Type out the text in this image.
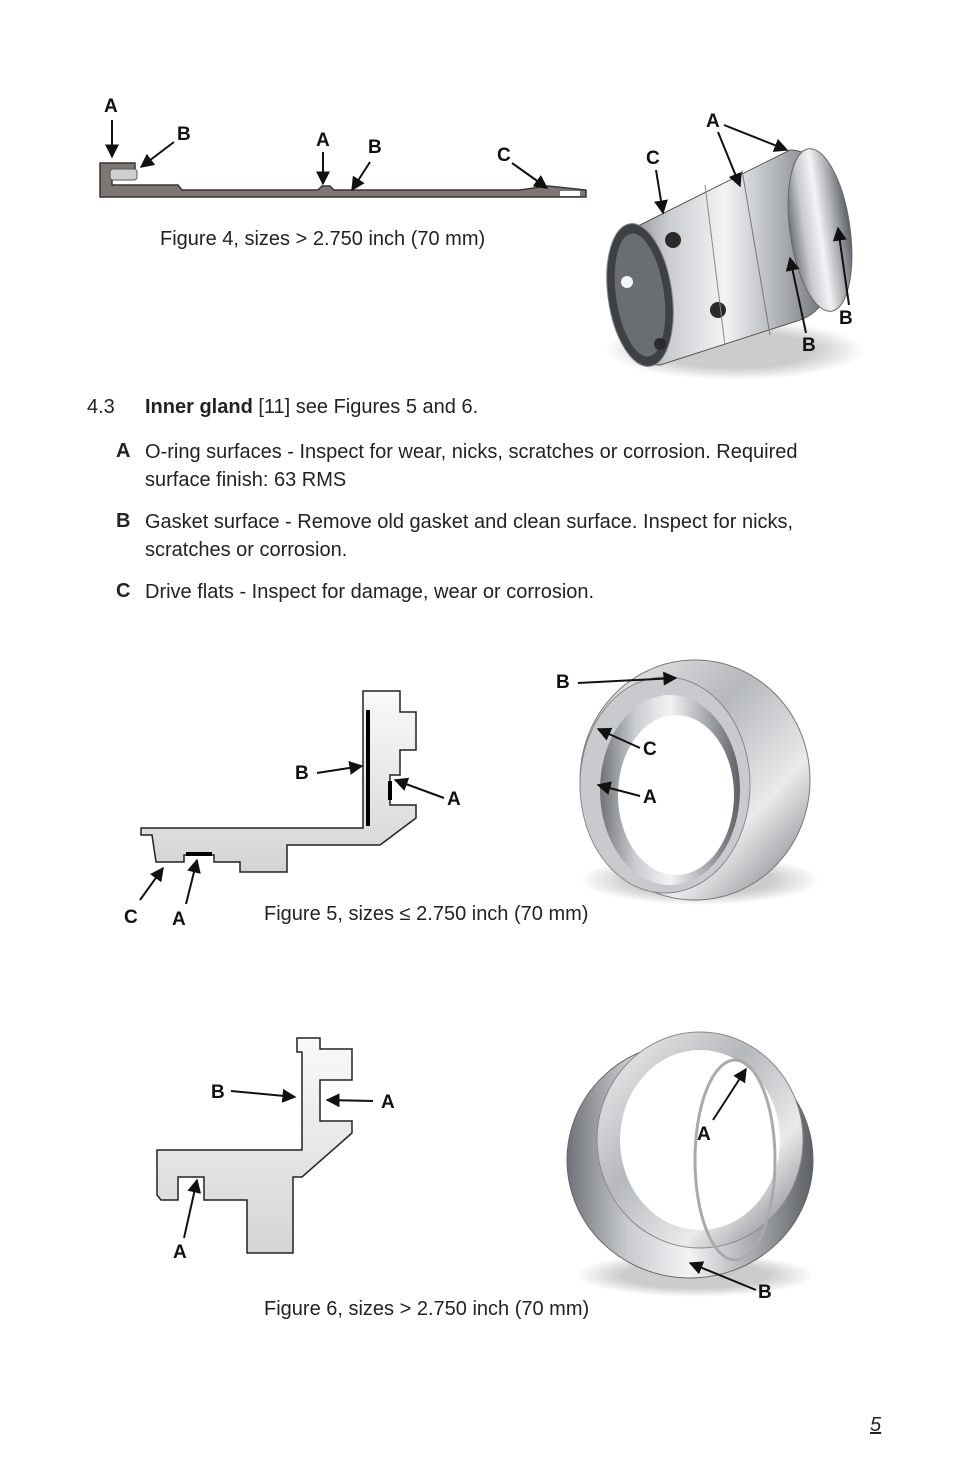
A
B	A B	C
Figure 4, sizes > 2.750 inch (70 mm)
A
C
B
B
4.3 Inner gland [11] see Figures 5 and 6.
A O-ring surfaces - Inspect for wear, nicks, scratches or corrosion. Required surface finish: 63 RMS
B Gasket surface - Remove old gasket and clean surface. Inspect for nicks, scratches or corrosion.
C Drive flats - Inspect for damage, wear or corrosion.
B
A
C A	Figure 5, sizes ≤ 2.750 inch (70 mm)
B
C
A
B	A
A
A
B
Figure 6, sizes > 2.750 inch (70 mm)
5
